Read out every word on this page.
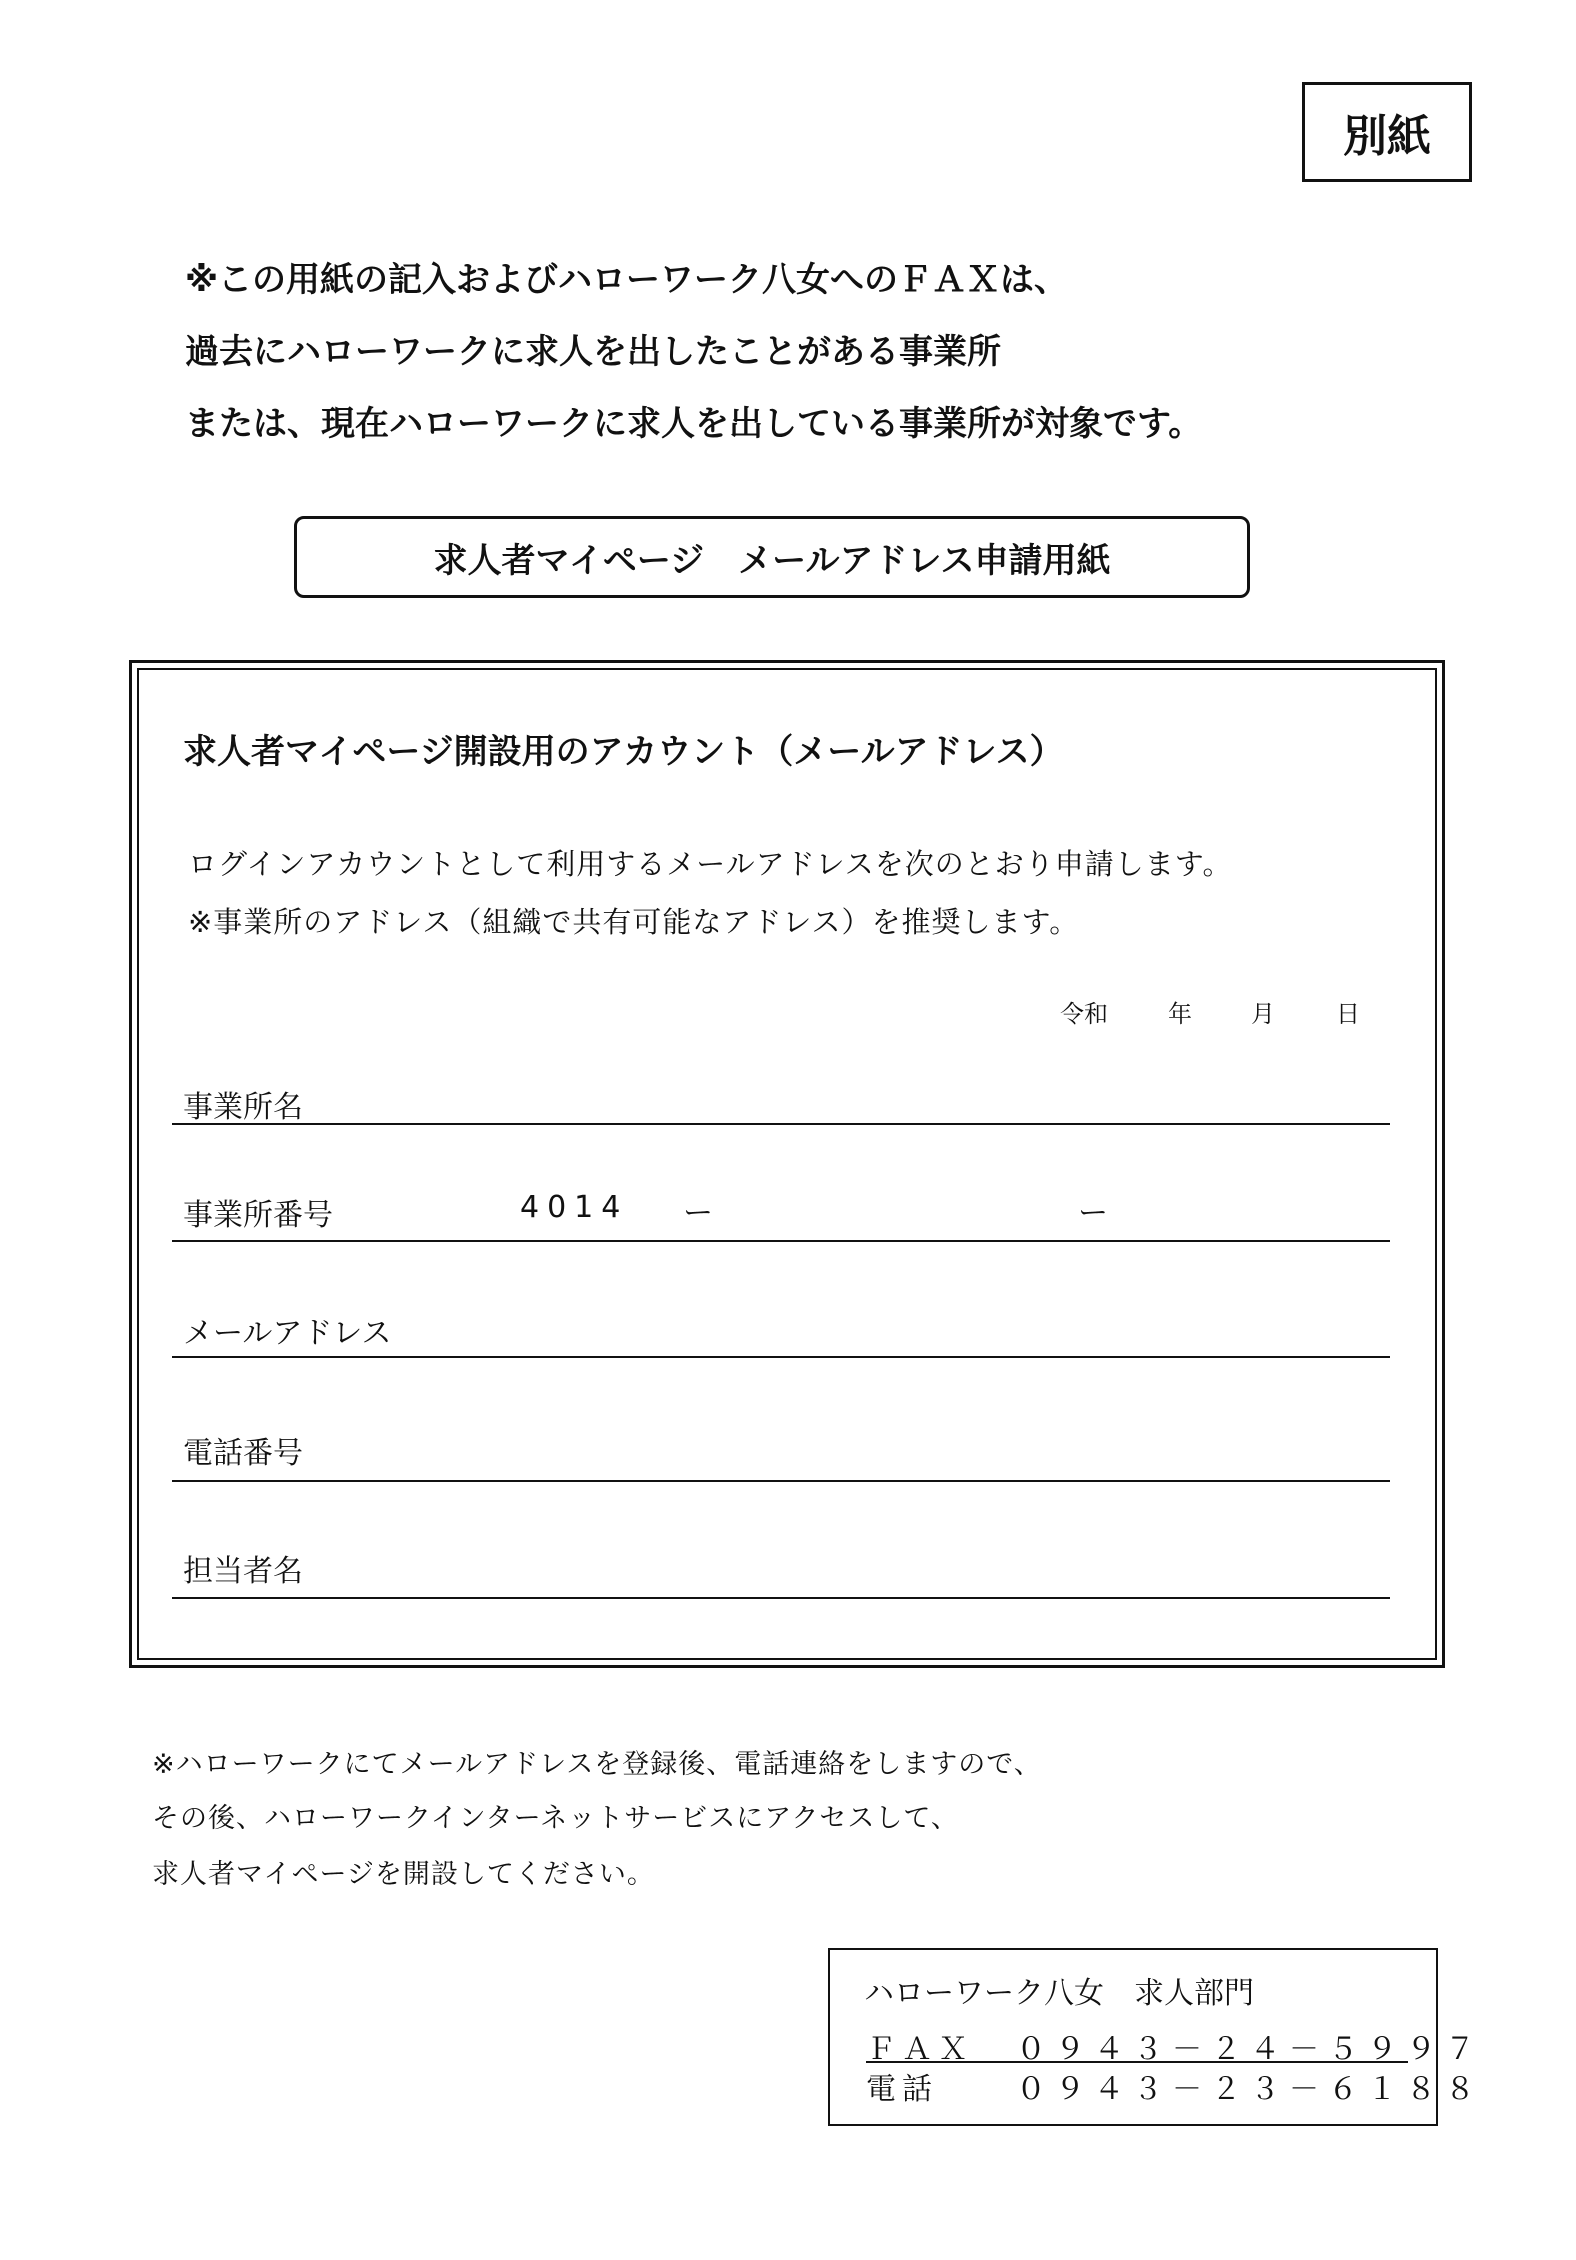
別紙
※この用紙の記入およびハローワーク八女へのＦＡＸは、
過去にハローワークに求人を出したことがある事業所
または、現在ハローワークに求人を出している事業所が対象です。
求人者マイページ　メールアドレス申請用紙
求人者マイページ開設用のアカウント（メールアドレス）
ログインアカウントとして利用するメールアドレスを次のとおり申請します。
※事業所のアドレス（組織で共有可能なアドレス）を推奨します。
令和	年 月	日
事業所名
事業所番号	4014 ー	ー
メールアドレス
電話番号
担当者名
※ハローワークにてメールアドレスを登録後、電話連絡をしますので、
その後、ハローワークインターネットサービスにアクセスして、
求人者マイページを開設してください。
ハローワーク八女　求人部門
ＦＡＸ ０９４３－２４－５９９７
電話	０９４３－２３－６１８８
